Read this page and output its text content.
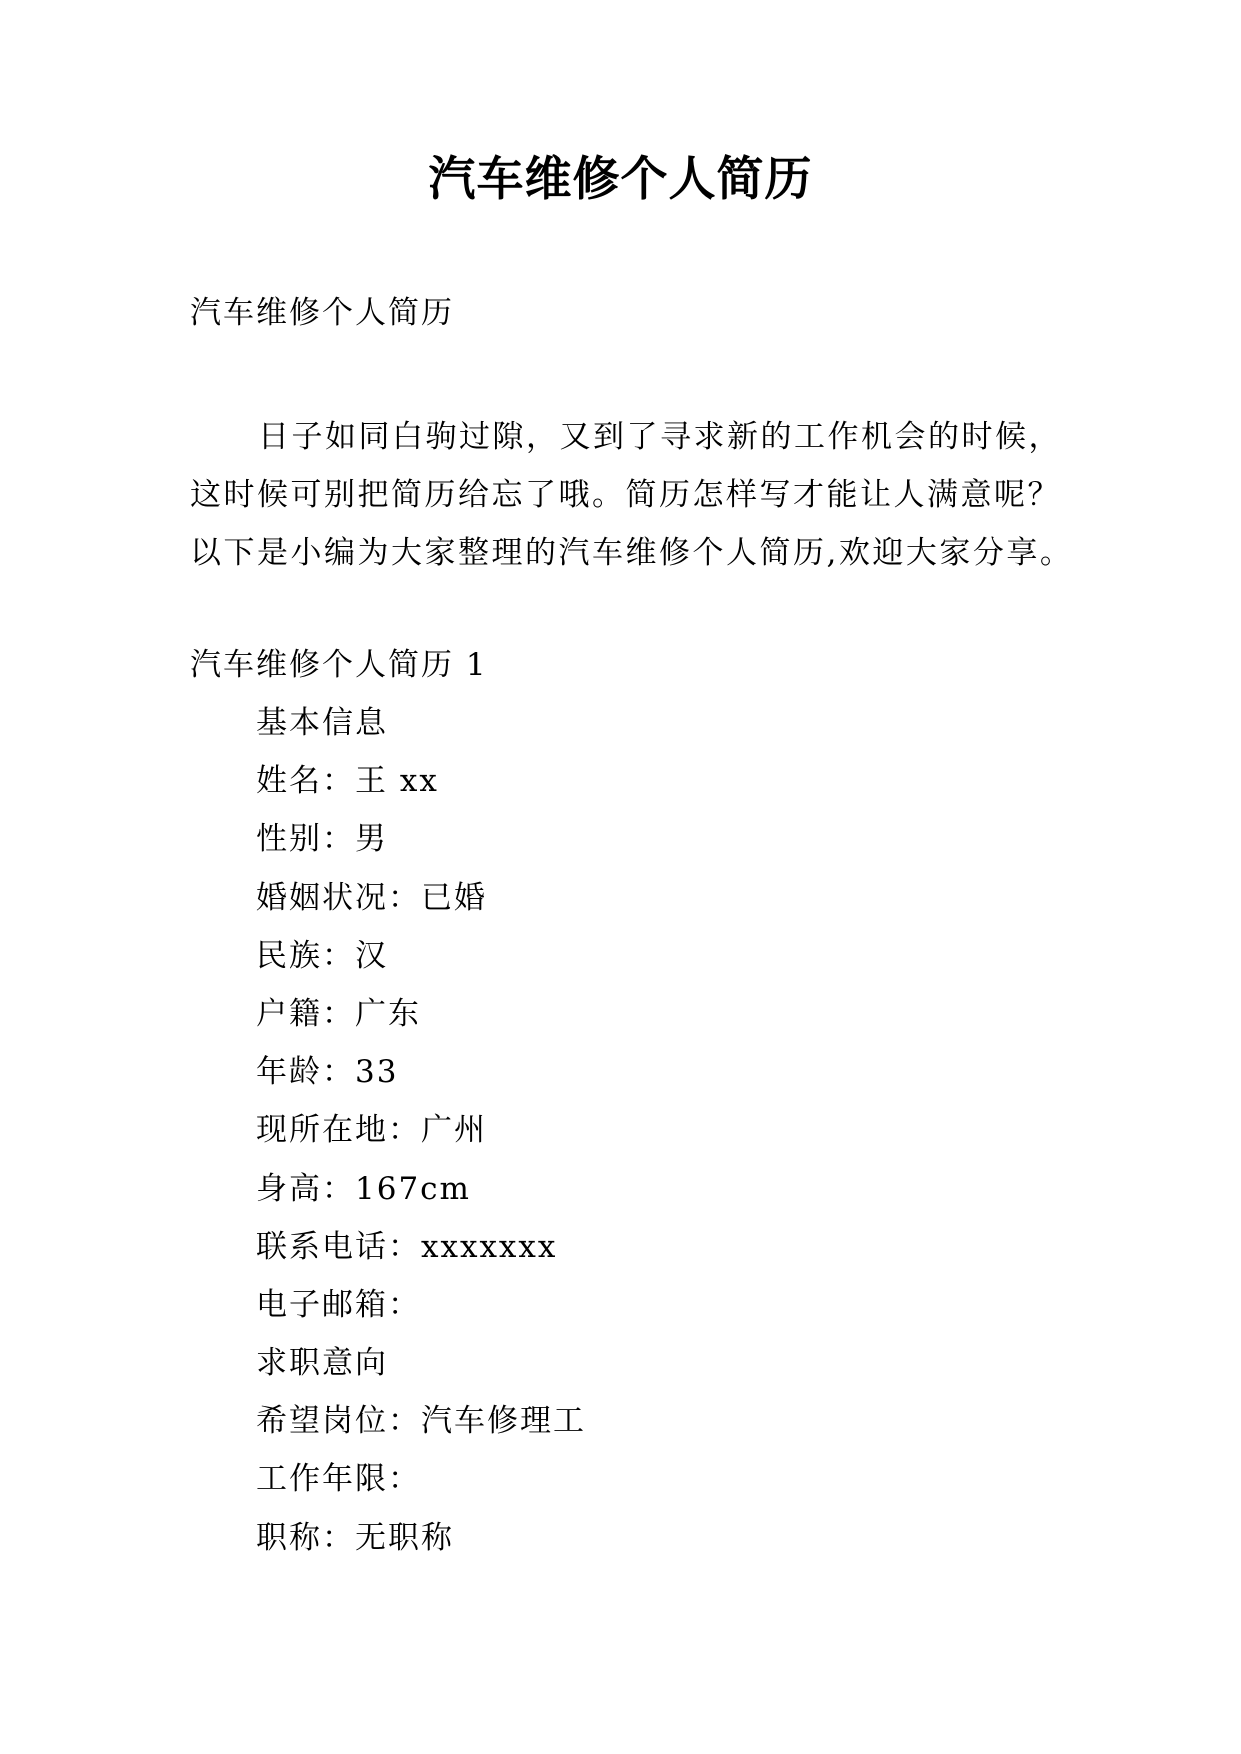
汽车维修个人简历
汽车维修个人简历
日子如同白驹过隙，又到了寻求新的工作机会的时候，
这时候可别把简历给忘了哦。简历怎样写才能让人满意呢？
以下是小编为大家整理的汽车维修个人简历,欢迎大家分享。
汽车维修个人简历 1
基本信息
姓名：王 xx
性别：男
婚姻状况：已婚
民族：汉
户籍：广东
年龄：33
现所在地：广州
身高：167cm
联系电话：xxxxxxx
电子邮箱：
求职意向
希望岗位：汽车修理工
工作年限：
职称：无职称
